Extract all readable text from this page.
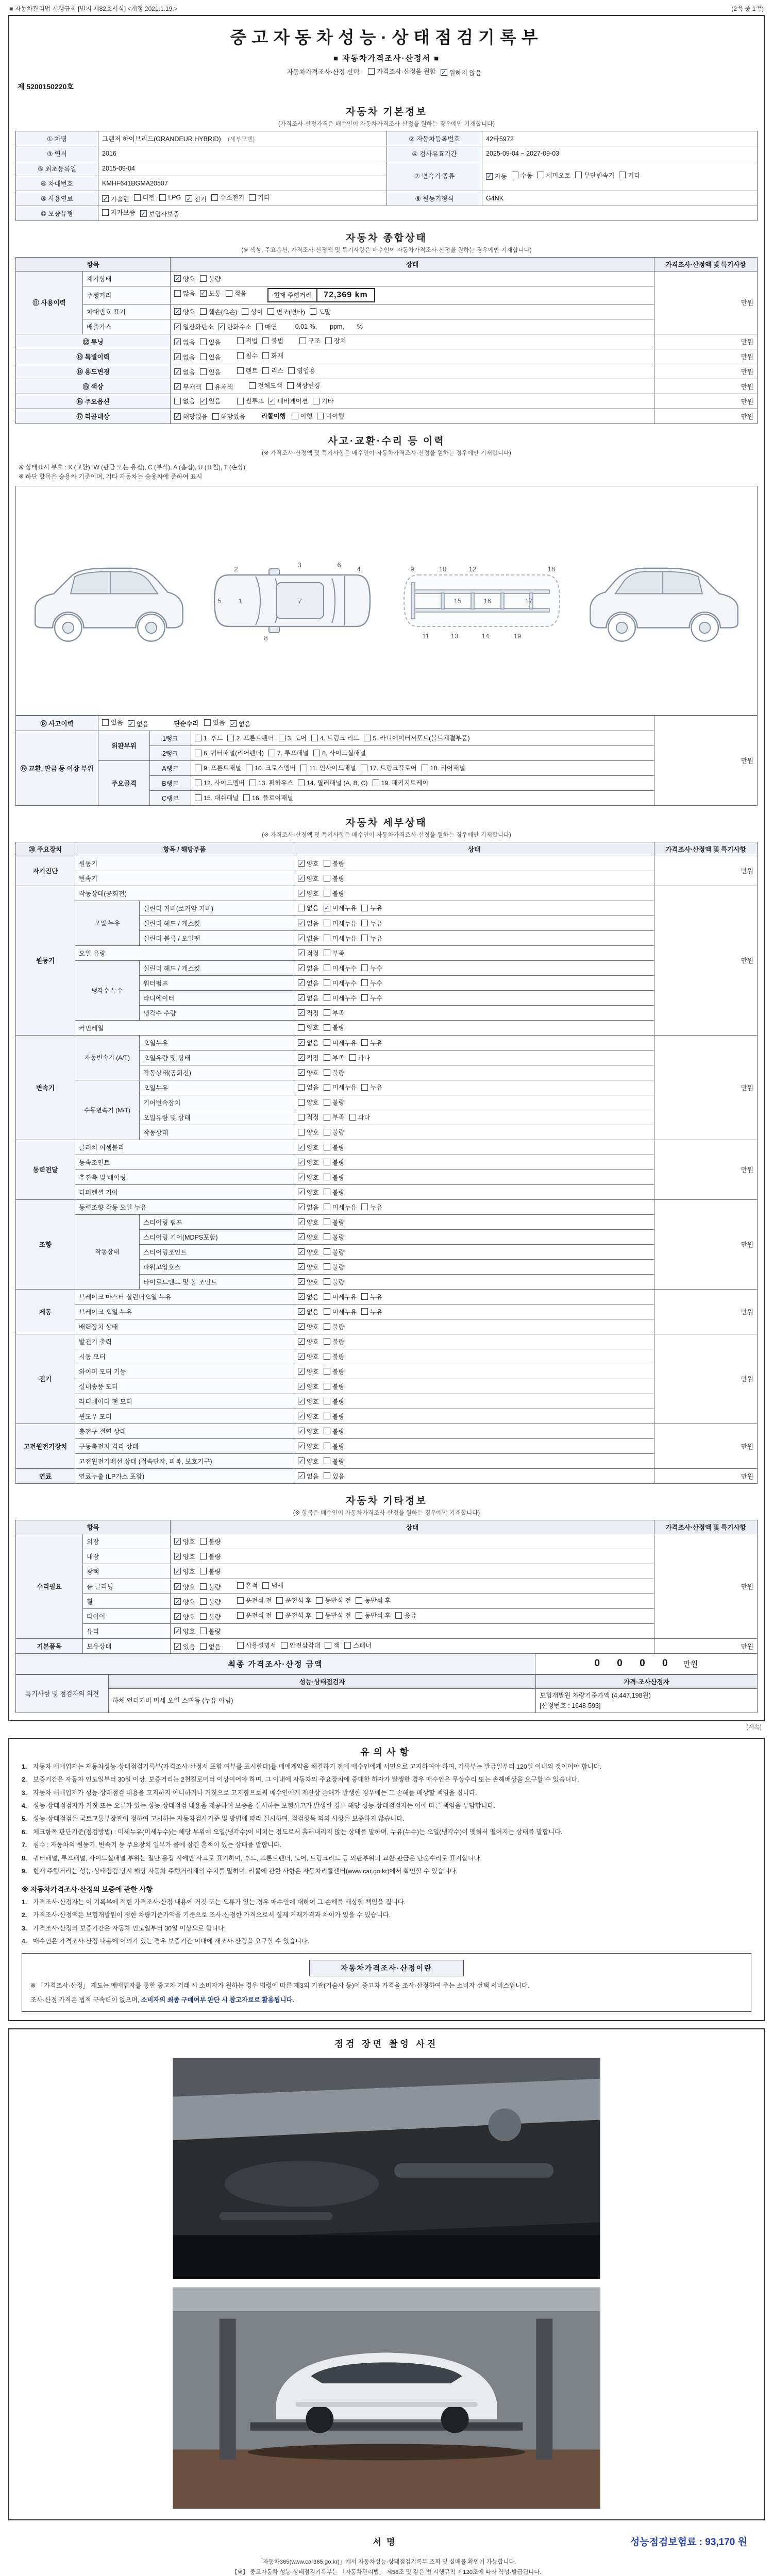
■ 자동차관리법 시행규칙 [별지 제82호서식] <개정 2021.1.19.>	(2쪽 중 1쪽)
중고자동차성능·상태점검기록부
■ 자동차가격조사·산정서 ■
자동차가격조사·산정 선택 : 가격조사·산정을 원함 ✓ 원하지 않음
제 5200150220호
자동차 기본정보
(가격조사·산정가격은 매수인이 자동차가격조사·산정을 원하는 경우에만 기재합니다)
① 차명	그랜저 하이브리드(GRANDEUR HYBRID) (세부모델)	② 자동차등록번호	42타5972
③ 연식	2016	④ 검사유효기간	2025-09-04 ~ 2027-09-03
⑤ 최초등록일	2015-09-04	⑦ 변속기 종류	✓ 자동 수동 세미오토 무단변속기 기타

⑥ 차대번호	KMHF641BGMA20507		
⑧ 사용연료	✓ 가솔린 디젤 LPG ✓ 전기 수소전기 기타	⑨ 원동기형식	G4NK
⑩ 보증유형	자가보증 ✓ 보험사보증		
자동차 종합상태
(※ 색상, 주요옵션, 가격조사·산정액 및 특기사항은 매수인이 자동차가격조사·산정을 원하는 경우에만 기재합니다)
항목		상태	가격조사·산정액 및 특기사항
⑪ 사용이력	계기상태	✓ 양호 불량	만원
주행거리	많음 ✓ 보통 적음	현재 주행거리	72,369 km

차대번호 표기	✓ 양호 훼손(오손) 상이 변조(변타) 도말

배출가스	✓ 일산화탄소 ✓ 탄화수소 매연	0.01 %,　　ppm,　　%
⑫ 튜닝	✓ 없음 있음	적법 불법	구조 장치	만원
⑬ 특별이력		✓ 없음 있음 침수 화재	만원
⑭ 용도변경	✓ 없음 있음	렌트 리스 영업용	만원
⑮ 색상		✓ 무채색 유채색 전체도색 색상변경	만원
⑯ 주요옵션	없음 ✓ 있음	썬루프 ✓ 네비게이션 기타	만원
⑰ 리콜대상	✓ 해당없음 해당있음	리콜이행 이행 미이행	만원
사고·교환·수리 등 이력
(※ 가격조사·산정액 및 특기사항은 매수인이 자동차가격조사·산정을 원하는 경우에만 기재합니다)
※ 상태표시 부호 : X (교환), W (판금 또는 용접), C (부식), A (흠집), U (요철), T (손상)
※ 하단 항목은 승용차 기준이며, 기타 자동차는 승용차에 준하여 표시
5	1
2
3
4
6
7
8
9	10
11
12
13	14
15	16	17
18
19
⑱ 사고이력	있음 ✓ 없음	단순수리 있음 ✓ 없음
	만원
⑲ 교환, 판금 등 이상 부위	외판부위	1랭크	1. 후드 2. 프론트펜더 3. 도어 4. 트렁크 리드 5. 라디에이터서포트(볼트체결부품)	

		2랭크	6. 쿼터패널(리어펜더) 7. 루프패널 8. 사이드실패널	

	주요골격	A랭크	9. 프론트패널 10. 크로스멤버 11. 인사이드패널 17. 트렁크플로어 18. 리어패널	

		B랭크	12. 사이드멤버 13. 휠하우스 14. 필러패널 (A, B, C) 19. 패키지트레이	

		C랭크	15. 대쉬패널 16. 플로어패널	
자동차 세부상태
(※ 가격조사·산정액 및 특기사항은 매수인이 자동차가격조사·산정을 원하는 경우에만 기재합니다)
⑳ 주요장치	항목 / 해당부품		상태	가격조사·산정액 및 특기사항
자기진단	원동기		✓ 양호 불량	만원
	변속기		✓ 양호 불량	

원동기	작동상태(공회전)		✓ 양호 불량	만원
	오일 누유	실린더 커버(로커암 커버)	없음 ✓ 미세누유 누유	

		실린더 헤드 / 개스킷	✓ 없음 미세누유 누유	

		실린더 블록 / 오일팬	✓ 없음 미세누유 누유	

	오일 유량		✓ 적정 부족	

	냉각수 누수	실린더 헤드 / 개스킷	✓ 없음 미세누수 누수	

		워터펌프	✓ 없음 미세누수 누수	

		라디에이터	✓ 없음 미세누수 누수	

		냉각수 수량	✓ 적정 부족	

	커먼레일		양호 불량	

변속기	자동변속기 (A/T)	오일누유	✓ 없음 미세누유 누유	만원
		오일유량 및 상태	✓ 적정 부족 과다	

		작동상태(공회전)	✓ 양호 불량	

	수동변속기 (M/T)	오일누유	없음 미세누유 누유	

		기어변속장치	양호 불량	

		오일유량 및 상태	적정 부족 과다	

		작동상태	양호 불량	

동력전달	클러치 어셈블리		✓ 양호 불량	만원
	등속조인트		✓ 양호 불량	

	추진축 및 베어링		✓ 양호 불량	

	디퍼렌셜 기어		✓ 양호 불량	

조향	동력조향 작동 오일 누유		✓ 없음 미세누유 누유	만원
	작동상태	스티어링 펌프	✓ 양호 불량	

		스티어링 기어(MDPS포함)	✓ 양호 불량	

		스티어링조인트	✓ 양호 불량	

		파워고압호스	✓ 양호 불량	

		타이로드엔드 및 볼 조인트	✓ 양호 불량	

제동	브레이크 마스터 실린더오일 누유		✓ 없음 미세누유 누유	만원
	브레이크 오일 누유		✓ 없음 미세누유 누유	

	배력장치 상태		✓ 양호 불량	

전기	발전기 출력		✓ 양호 불량	만원
	시동 모터		✓ 양호 불량	

	와이퍼 모터 기능		✓ 양호 불량	

	실내송풍 모터		✓ 양호 불량	

	라디에이터 팬 모터		✓ 양호 불량	

	윈도우 모터		✓ 양호 불량	

고전원전기장치	충전구 절연 상태		✓ 양호 불량	만원
	구동축전지 격리 상태		✓ 양호 불량	

	고전원전기배선 상태 (접속단자, 피복, 보호기구)		✓ 양호 불량	

연료	연료누출 (LP가스 포함)		✓ 없음 있음	만원
자동차 기타정보
(※ 항목은 매수인이 자동차가격조사·산정을 원하는 경우에만 기재합니다)
항목		상태	가격조사·산정액 및 특기사항
수리필요	외장	✓ 양호 불량	만원
	내장	✓ 양호 불량	

	광택	✓ 양호 불량	

	룸 클리닝	✓ 양호 불량 흔적 냄새	

휠	✓ 양호 불량	운전석 전 운전석 후 동반석 전 동반석 후

타이어	✓ 양호 불량	운전석 전 운전석 후 동반석 전 동반석 후 응급

	유리	✓ 양호 불량	

기본품목	보유상태	✓ 있음 없음	사용설명서 안전삼각대 잭 스패너	만원
최종 가격조사·산정 금액	0 0 0 0 만원
특기사항 및 점검자의 의견	성능·상태점검자	가격·조사산정자

	하체 언더커버 미세 오일 스며듬 (누유 아님)	보험개발원 차량기준가액 (4,447,198원)
[산정번호 : 1648-593]
(계속)
유의사항
1. 자동차 매매업자는 자동차성능·상태점검기록부(가격조사·산정서 포함 여부를 표시한다)를 매매계약을 체결하기 전에 매수인에게 서면으로 고지하여야 하며, 기록부는 발급일부터 120일 이내의 것이어야 합니다.
2. 보증기간은 자동차 인도일부터 30일 이상, 보증거리는 2천킬로미터 이상이어야 하며, 그 이내에 자동차의 주요장치에 중대한 하자가 발생한 경우 매수인은 무상수리 또는 손해배상을 요구할 수 있습니다.
3. 자동차 매매업자가 성능·상태점검 내용을 고지하지 아니하거나 거짓으로 고지함으로써 매수인에게 재산상 손해가 발생한 경우에는 그 손해를 배상할 책임을 집니다.
4. 성능·상태점검자가 거짓 또는 오류가 있는 성능·상태점검 내용을 제공하여 보증을 실시하는 보험사고가 발생한 경우 해당 성능·상태점검자는 이에 따른 책임을 부담합니다.
5. 성능·상태점검은 국토교통부장관이 정하여 고시하는 자동차검사기준 및 방법에 따라 실시하며, 점검항목 외의 사항은 보증하지 않습니다.
6. 체크항목 판단기준(점검방법) : 미세누유(미세누수)는 해당 부위에 오일(냉각수)이 비치는 정도로서 흘러내리지 않는 상태를 말하며, 누유(누수)는 오일(냉각수)이 맺혀서 떨어지는 상태를 말합니다.
7. 침수 : 자동차의 원동기, 변속기 등 주요장치 일부가 물에 잠긴 흔적이 있는 상태를 말합니다.
8. 쿼터패널, 루프패널, 사이드실패널 부위는 절단·용접 시에만 사고로 표기하며, 후드, 프론트펜더, 도어, 트렁크리드 등 외판부위의 교환·판금은 단순수리로 표기합니다.
9. 현재 주행거리는 성능·상태점검 당시 해당 자동차 주행거리계의 수치를 말하며, 리콜에 관한 사항은 자동차리콜센터(www.car.go.kr)에서 확인할 수 있습니다.
※ 자동차가격조사·산정의 보증에 관한 사항
1. 가격조사·산정자는 이 기록부에 적힌 가격조사·산정 내용에 거짓 또는 오류가 있는 경우 매수인에 대하여 그 손해를 배상할 책임을 집니다.
2. 가격조사·산정액은 보험개발원이 정한 차량기준가액을 기준으로 조사·산정한 가격으로서 실제 거래가격과 차이가 있을 수 있습니다.
3. 가격조사·산정의 보증기간은 자동차 인도일부터 30일 이상으로 합니다.
4. 매수인은 가격조사·산정 내용에 이의가 있는 경우 보증기간 이내에 재조사·산정을 요구할 수 있습니다.
자동차가격조사·산정이란
※ 「가격조사·산정」 제도는 매매업자를 통한 중고차 거래 시 소비자가 원하는 경우 법령에 따른 제3의 기관(기술사 등)이 중고차 가격을 조사·산정하여 주는 소비자 선택 서비스입니다.
조사·산정 가격은 법적 구속력이 없으며, 소비자의 최종 구매여부 판단 시 참고자료로 활용됩니다.
점검 장면 촬영 사진
서명	성능점검보험료 : 93,170 원
「자동차365(www.car365.go.kr)」에서 자동차성능·상태점검기록부 조회 및 실매물 확인이 가능합니다.
【※】 중고자동차 성능·상태점검기록부는 「자동차관리법」 제58조 및 같은 법 시행규칙 제120조에 따라 작성·발급됩니다.
